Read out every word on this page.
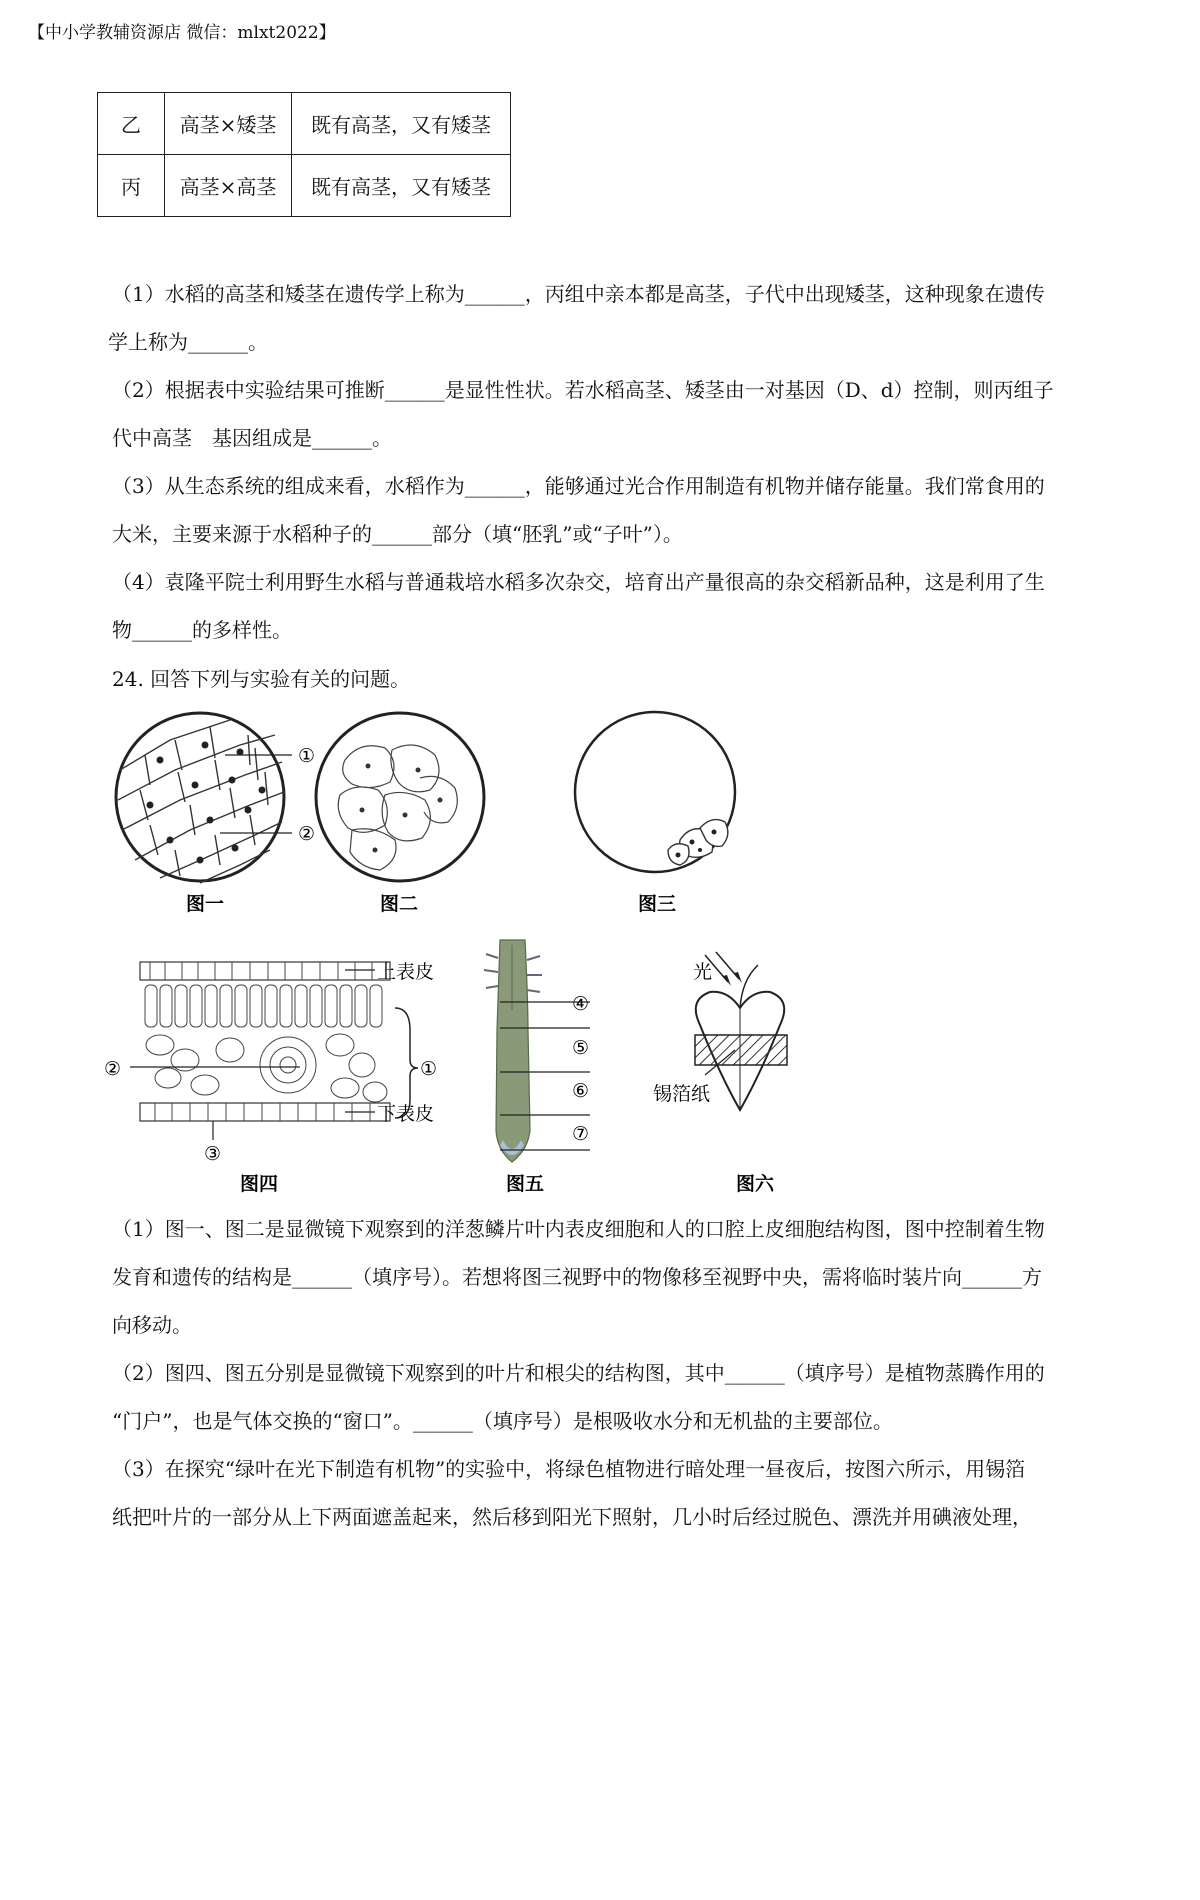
【中小学教辅资源店 微信：mlxt2022】
乙	高茎×矮茎	既有高茎，又有矮茎
丙	高茎×高茎	既有高茎，又有矮茎
（1）水稻的高茎和矮茎在遗传学上称为______，丙组中亲本都是高茎，子代中出现矮茎，这种现象在遗传
学上称为______。
（2）根据表中实验结果可推断______是显性性状。若水稻高茎、矮茎由一对基因（D、d）控制，则丙组子
代中高茎　基因组成是______。
（3）从生态系统的组成来看，水稻作为______，能够通过光合作用制造有机物并储存能量。我们常食用的
大米，主要来源于水稻种子的______部分（填“胚乳”或“子叶”）。
（4）袁隆平院士利用野生水稻与普通栽培水稻多次杂交，培育出产量很高的杂交稻新品种，这是利用了生
物______的多样性。
24. 回答下列与实验有关的问题。
①
②
图一	图二	图三
上表皮
下表皮
①
②
③
图四
④
⑤
⑥
⑦
图五
光
锡箔纸
图六
（1）图一、图二是显微镜下观察到的洋葱鳞片叶内表皮细胞和人的口腔上皮细胞结构图，图中控制着生物
发育和遗传的结构是______（填序号）。若想将图三视野中的物像移至视野中央，需将临时装片向______方
向移动。
（2）图四、图五分别是显微镜下观察到的叶片和根尖的结构图，其中______（填序号）是植物蒸腾作用的
“门户”，也是气体交换的“窗口”。______（填序号）是根吸收水分和无机盐的主要部位。
（3）在探究“绿叶在光下制造有机物”的实验中，将绿色植物进行暗处理一昼夜后，按图六所示，用锡箔
纸把叶片的一部分从上下两面遮盖起来，然后移到阳光下照射，几小时后经过脱色、漂洗并用碘液处理，
